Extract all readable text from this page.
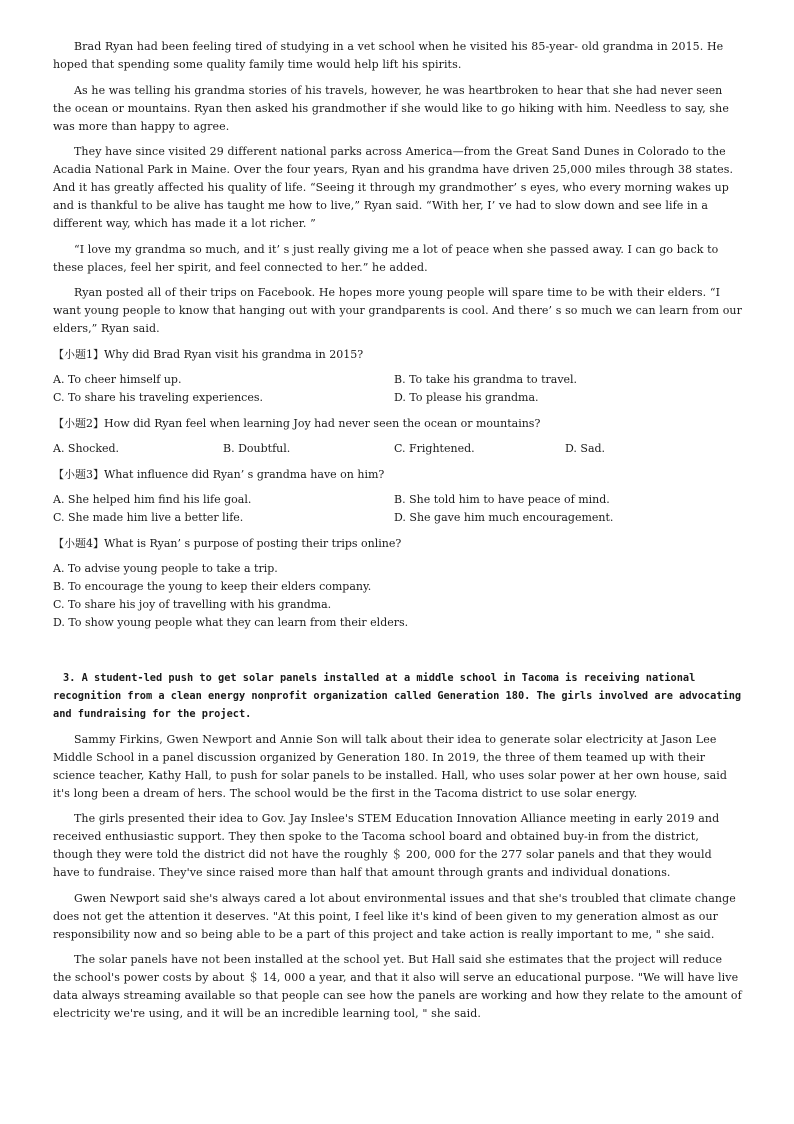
Brad Ryan had been feeling tired of studying in a vet school when he visited his 85-year- old grandma in 2015. He hoped that spending some quality family time would help lift his spirits.

As he was telling his grandma stories of his travels, however, he was heartbroken to hear that she had never seen the ocean or mountains. Ryan then asked his grandmother if she would like to go hiking with him. Needless to say, she was more than happy to agree.

They have since visited 29 different national parks across America—from the Great Sand Dunes in Colorado to the Acadia National Park in Maine. Over the four years, Ryan and his grandma have driven 25,000 miles through 38 states. And it has greatly affected his quality of life. “Seeing it through my grandmother’ s eyes, who every morning wakes up and is thankful to be alive has taught me how to live,” Ryan said. “With her, I’ ve had to slow down and see life in a different way, which has made it a lot richer. ”

“I love my grandma so much, and it’ s just really giving me a lot of peace when she passed away. I can go back to these places, feel her spirit, and feel connected to her.” he added.

Ryan posted all of their trips on Facebook. He hopes more young people will spare time to be with their elders. “I want young people to know that hanging out with your grandparents is cool. And there’ s so much we can learn from our elders,” Ryan said.

【小题1】Why did Brad Ryan visit his grandma in 2015?
A. To cheer himself up.	B. To take his grandma to travel.
C. To share his traveling experiences.	D. To please his grandma.
【小题2】How did Ryan feel when learning Joy had never seen the ocean or mountains?
A. Shocked.	B. Doubtful.	C. Frightened.	D. Sad.
【小题3】What influence did Ryan’ s grandma have on him?
A. She helped him find his life goal.	B. She told him to have peace of mind.
C. She made him live a better life.	D. She gave him much encouragement.
【小题4】What is Ryan’ s purpose of posting their trips online?
A. To advise young people to take a trip.
B. To encourage the young to keep their elders company.
C. To share his joy of travelling with his grandma.
D. To show young people what they can learn from their elders.
3. A student-led push to get solar panels installed at a middle school in Tacoma is receiving national recognition from a clean energy nonprofit organization called Generation 180. The girls involved are advocating and fundraising for the project.

Sammy Firkins, Gwen Newport and Annie Son will talk about their idea to generate solar electricity at Jason Lee Middle School in a panel discussion organized by Generation 180. In 2019, the three of them teamed up with their science teacher, Kathy Hall, to push for solar panels to be installed. Hall, who uses solar power at her own house, said it's long been a dream of hers. The school would be the first in the Tacoma district to use solar energy.

The girls presented their idea to Gov. Jay Inslee's STEM Education Innovation Alliance meeting in early 2019 and received enthusiastic support. They then spoke to the Tacoma school board and obtained buy-in from the district, though they were told the district did not have the roughly ＄ 200, 000 for the 277 solar panels and that they would have to fundraise. They've since raised more than half that amount through grants and individual donations.

Gwen Newport said she's always cared a lot about environmental issues and that she's troubled that climate change does not get the attention it deserves. "At this point, I feel like it's kind of been given to my generation almost as our responsibility now and so being able to be a part of this project and take action is really important to me, " she said.

The solar panels have not been installed at the school yet. But Hall said she estimates that the project will reduce the school's power costs by about ＄ 14, 000 a year, and that it also will serve an educational purpose. "We will have live data always streaming available so that people can see how the panels are working and how they relate to the amount of electricity we're using, and it will be an incredible learning tool, " she said.
